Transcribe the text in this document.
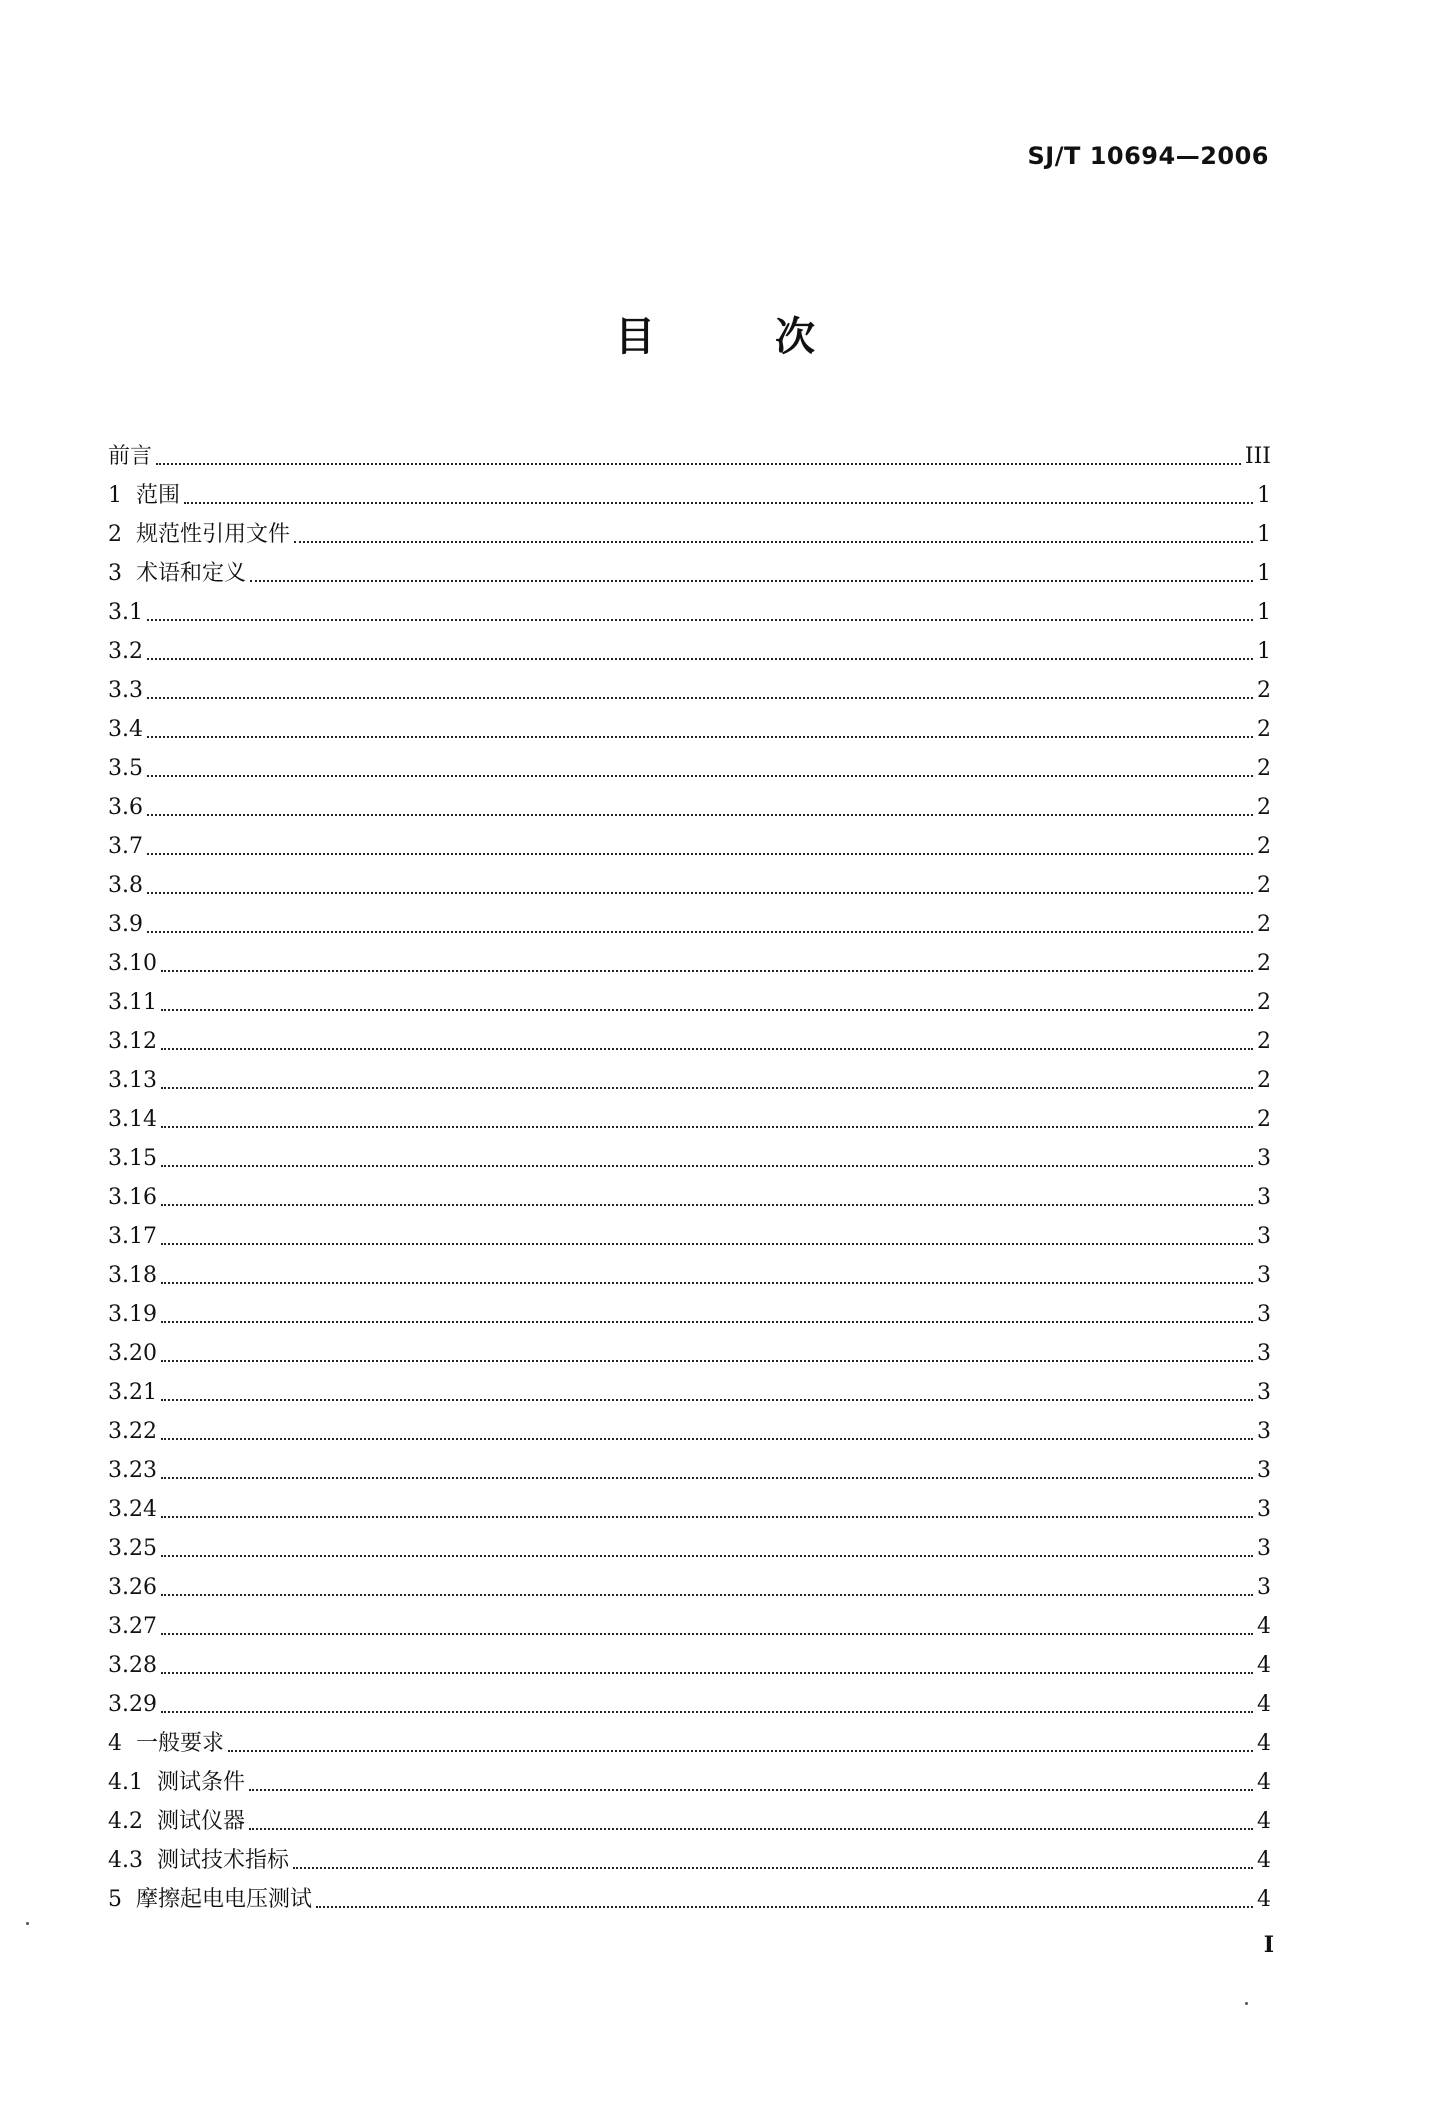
SJ/T 10694—2006
目	次
前言	III
1  范围	1
2  规范性引用文件	1
3  术语和定义	1
3.1	1
3.2	1
3.3	2
3.4	2
3.5	2
3.6	2
3.7	2
3.8	2
3.9	2
3.10	2
3.11	2
3.12	2
3.13	2
3.14	2
3.15	3
3.16	3
3.17	3
3.18	3
3.19	3
3.20	3
3.21	3
3.22	3
3.23	3
3.24	3
3.25	3
3.26	3
3.27	4
3.28	4
3.29	4
4  一般要求	4
4.1  测试条件	4
4.2  测试仪器	4
4.3  测试技术指标	4
5  摩擦起电电压测试	4
I
